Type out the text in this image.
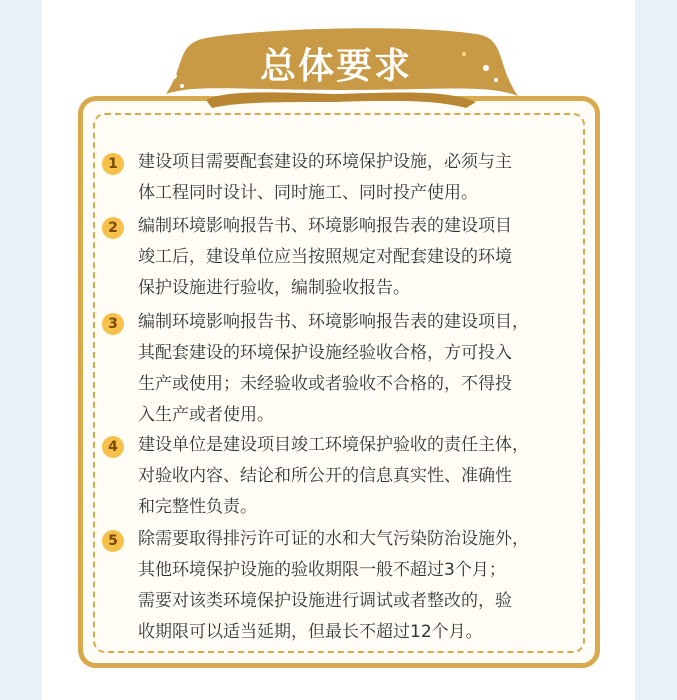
总体要求
1	建设项目需要配套建设的环境保护设施，必须与主
体工程同时设计、同时施工、同时投产使用。
2	编制环境影响报告书、环境影响报告表的建设项目
竣工后，建设单位应当按照规定对配套建设的环境
保护设施进行验收，编制验收报告。
3	编制环境影响报告书、环境影响报告表的建设项目，
其配套建设的环境保护设施经验收合格，方可投入
生产或使用；未经验收或者验收不合格的，不得投
入生产或者使用。
4	建设单位是建设项目竣工环境保护验收的责任主体，
对验收内容、结论和所公开的信息真实性、准确性
和完整性负责。
5	除需要取得排污许可证的水和大气污染防治设施外，
其他环境保护设施的验收期限一般不超过3个月；
需要对该类环境保护设施进行调试或者整改的，验
收期限可以适当延期，但最长不超过12个月。
